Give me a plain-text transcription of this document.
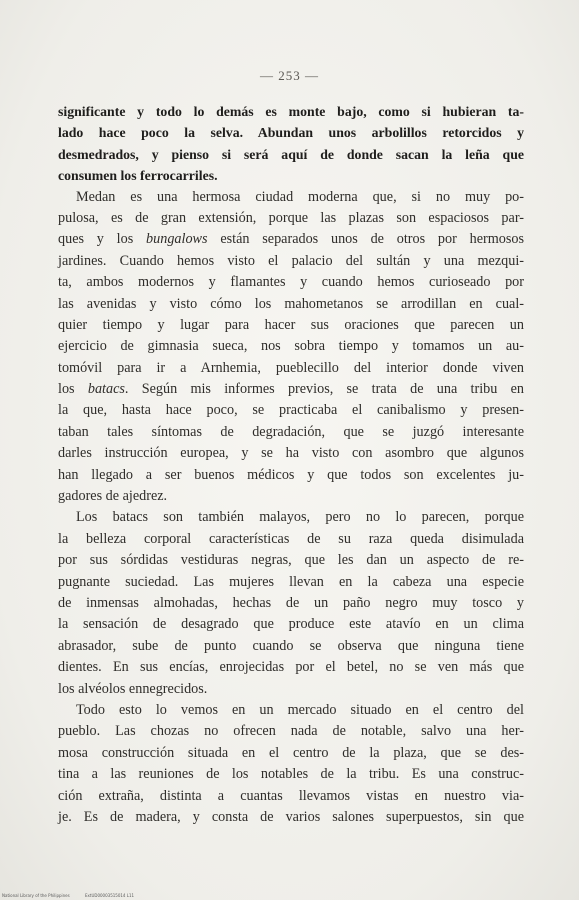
— 253 —
significante y todo lo demás es monte bajo, como si hubieran ta-
lado hace poco la selva. Abundan unos arbolillos retorcidos y
desmedrados, y pienso si será aquí de donde sacan la leña que
consumen los ferrocarriles.
Medan es una hermosa ciudad moderna que, si no muy po-
pulosa, es de gran extensión, porque las plazas son espaciosos par-
ques y los bungalows están separados unos de otros por hermosos
jardines. Cuando hemos visto el palacio del sultán y una mezqui-
ta, ambos modernos y flamantes y cuando hemos curioseado por
las avenidas y visto cómo los mahometanos se arrodillan en cual-
quier tiempo y lugar para hacer sus oraciones que parecen un
ejercicio de gimnasia sueca, nos sobra tiempo y tomamos un au-
tomóvil para ir a Arnhemia, pueblecillo del interior donde viven
los batacs. Según mis informes previos, se trata de una tribu en
la que, hasta hace poco, se practicaba el canibalismo y presen-
taban tales síntomas de degradación, que se juzgó interesante
darles instrucción europea, y se ha visto con asombro que algunos
han llegado a ser buenos médicos y que todos son excelentes ju-
gadores de ajedrez.
Los batacs son también malayos, pero no lo parecen, porque
la belleza corporal características de su raza queda disimulada
por sus sórdidas vestiduras negras, que les dan un aspecto de re-
pugnante suciedad. Las mujeres llevan en la cabeza una especie
de inmensas almohadas, hechas de un paño negro muy tosco y
la sensación de desagrado que produce este atavío en un clima
abrasador, sube de punto cuando se observa que ninguna tiene
dientes. En sus encías, enrojecidas por el betel, no se ven más que
los alvéolos ennegrecidos.
Todo esto lo vemos en un mercado situado en el centro del
pueblo. Las chozas no ofrecen nada de notable, salvo una her-
mosa construcción situada en el centro de la plaza, que se des-
tina a las reuniones de los notables de la tribu. Es una construc-
ción extraña, distinta a cuantas llevamos vistas en nuestro via-
je. Es de madera, y consta de varios salones superpuestos, sin que
National Library of the Philippines	ExtUD00003515014 L11
